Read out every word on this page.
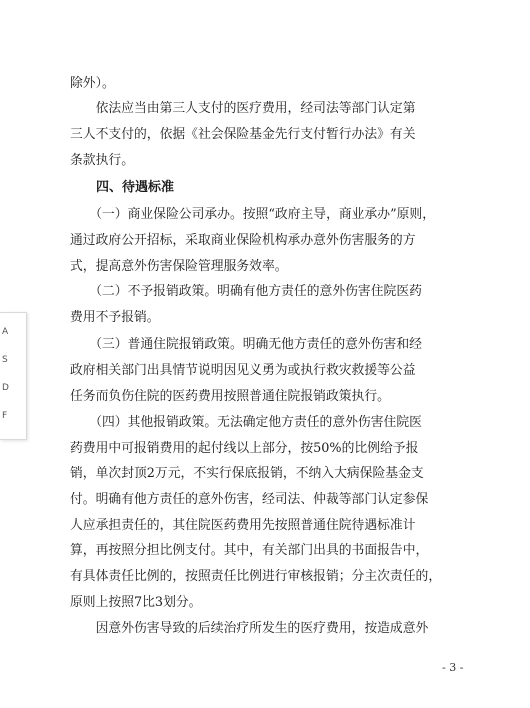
除外）。
　　依法应当由第三人支付的医疗费用，经司法等部门认定第
三人不支付的，依据《社会保险基金先行支付暂行办法》有关
条款执行。
　　四、待遇标准
　　（一）商业保险公司承办。按照“政府主导，商业承办”原则，
通过政府公开招标，采取商业保险机构承办意外伤害服务的方
式，提高意外伤害保险管理服务效率。
　　（二）不予报销政策。明确有他方责任的意外伤害住院医药
费用不予报销。
　　（三）普通住院报销政策。明确无他方责任的意外伤害和经
政府相关部门出具情节说明因见义勇为或执行救灾救援等公益
任务而负伤住院的医药费用按照普通住院报销政策执行。
　　（四）其他报销政策。无法确定他方责任的意外伤害住院医
药费用中可报销费用的起付线以上部分，按50%的比例给予报
销，单次封顶2万元，不实行保底报销，不纳入大病保险基金支
付。明确有他方责任的意外伤害，经司法、仲裁等部门认定参保
人应承担责任的，其住院医药费用先按照普通住院待遇标准计
算，再按照分担比例支付。其中，有关部门出具的书面报告中，
有具体责任比例的，按照责任比例进行审核报销；分主次责任的，
原则上按照7比3划分。
　　因意外伤害导致的后续治疗所发生的医疗费用，按造成意外
- 3 -
A
S
D
F
